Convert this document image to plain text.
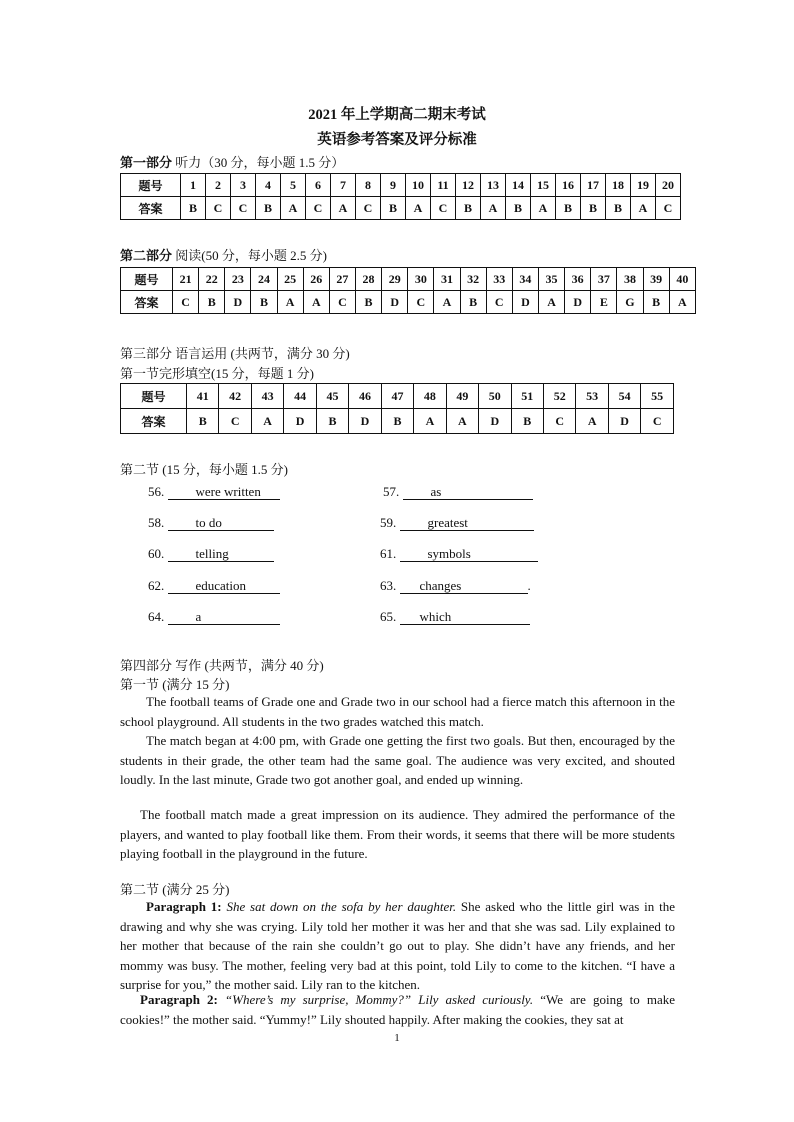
2021 年上学期高二期末考试
英语参考答案及评分标准
第一部分 听力（30 分，每小题 1.5 分）
题号	1	2	3	4	5	6	7	8	9	10	11	12	13	14	15	16	17	18	19	20
答案	B	C	C	B	A	C	A	C	B	A	C	B	A	B	A	B	B	B	A	C
第二部分 阅读(50 分，每小题 2.5 分)
题号	21	22	23	24	25	26	27	28	29	30	31	32	33	34	35	36	37	38	39	40
答案	C	B	D	B	A	A	C	B	D	C	A	B	C	D	A	D	E	G	B	A
第三部分 语言运用 (共两节，满分 30 分)
第一节完形填空(15 分，每题 1 分)
题号	41	42	43	44	45	46	47	48	49	50	51	52	53	54	55
答案	B	C	A	D	B	D	B	A	A	D	B	C	A	D	C
第二节 (15 分，每小题 1.5 分)
56. were written	57. as
58. to do	59. greatest
60. telling	61. symbols
62. education	63. changes	.
64. a	65. which
第四部分 写作 (共两节，满分 40 分)
第一节 (满分 15 分)
The football teams of Grade one and Grade two in our school had a fierce match this afternoon in the school playground. All students in the two grades watched this match.
The match began at 4:00 pm, with Grade one getting the first two goals. But then, encouraged by the students in their grade, the other team had the same goal. The audience was very excited, and shouted loudly. In the last minute, Grade two got another goal, and ended up winning.
The football match made a great impression on its audience. They admired the performance of the players, and wanted to play football like them. From their words, it seems that there will be more students playing football in the playground in the future.
第二节 (满分 25 分)
Paragraph 1: She sat down on the sofa by her daughter. She asked who the little girl was in the drawing and why she was crying. Lily told her mother it was her and that she was sad. Lily explained to her mother that because of the rain she couldn’t go out to play. She didn’t have any friends, and her mommy was busy. The mother, feeling very bad at this point, told Lily to come to the kitchen. “I have a surprise for you,” the mother said. Lily ran to the kitchen.
Paragraph 2: “Where’s my surprise, Mommy?” Lily asked curiously. “We are going to make cookies!” the mother said. “Yummy!” Lily shouted happily. After making the cookies, they sat at
1
